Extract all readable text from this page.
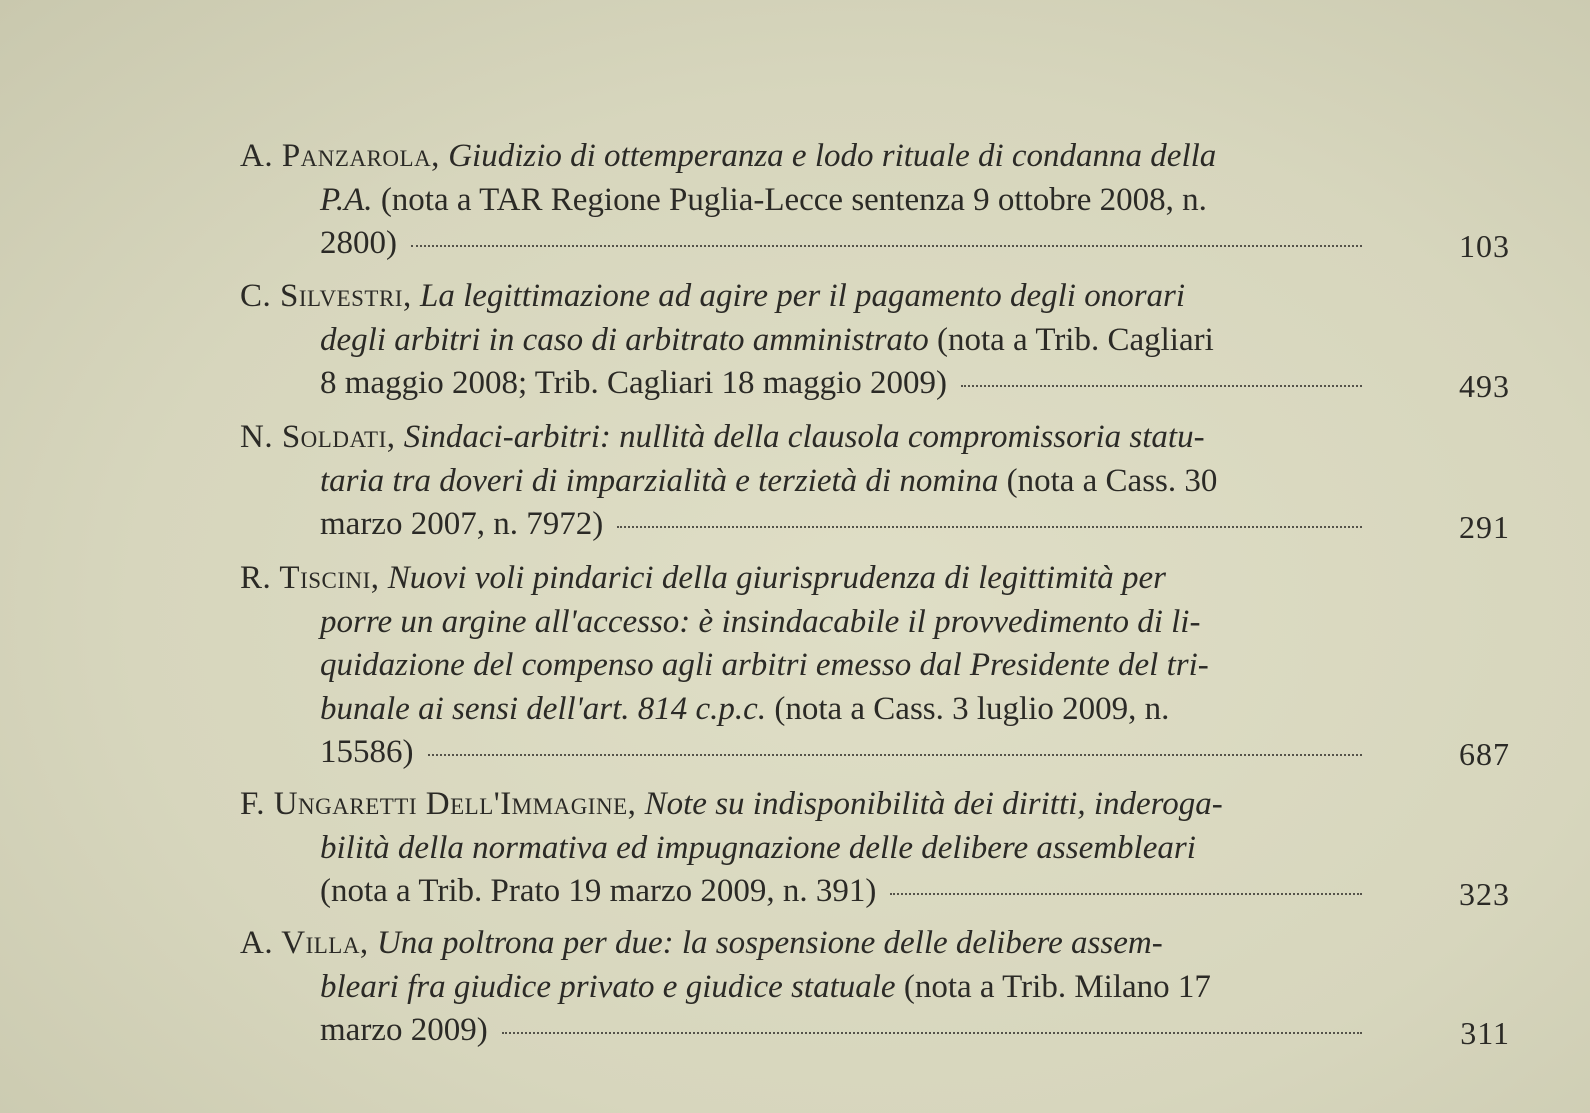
A. Panzarola, Giudizio di ottemperanza e lodo rituale di condanna della
P.A. (nota a TAR Regione Puglia-Lecce sentenza 9 ottobre 2008, n.
2800)	103
C. Silvestri, La legittimazione ad agire per il pagamento degli onorari
degli arbitri in caso di arbitrato amministrato (nota a Trib. Cagliari
8 maggio 2008; Trib. Cagliari 18 maggio 2009)	493
N. Soldati, Sindaci-arbitri: nullità della clausola compromissoria statu-
taria tra doveri di imparzialità e terzietà di nomina (nota a Cass. 30
marzo 2007, n. 7972)	291
R. Tiscini, Nuovi voli pindarici della giurisprudenza di legittimità per
porre un argine all'accesso: è insindacabile il provvedimento di li-
quidazione del compenso agli arbitri emesso dal Presidente del tri-
bunale ai sensi dell'art. 814 c.p.c. (nota a Cass. 3 luglio 2009, n.
15586)	687
F. Ungaretti Dell'Immagine, Note su indisponibilità dei diritti, inderoga-
bilità della normativa ed impugnazione delle delibere assembleari
(nota a Trib. Prato 19 marzo 2009, n. 391)	323
A. Villa, Una poltrona per due: la sospensione delle delibere assem-
bleari fra giudice privato e giudice statuale (nota a Trib. Milano 17
marzo 2009)	311
